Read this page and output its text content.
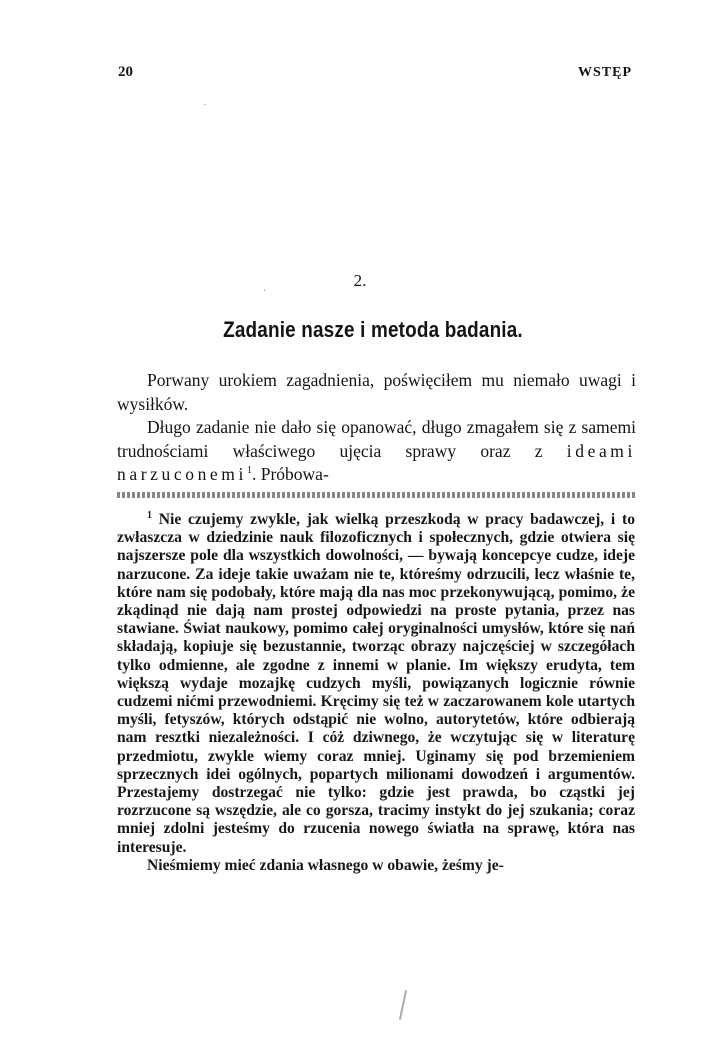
20	WSTĘP
2.
Zadanie nasze i metoda badania.

Porwany urokiem zagadnienia, poświęciłem mu niemało uwagi i wysiłków.

Długo zadanie nie dało się opanować, długo zmagałem się z samemi trudnościami właściwego ujęcia sprawy oraz z ideami narzuconemi$^1$. Próbowa-

$^1$ Nie czujemy zwykle, jak wielką przeszkodą w pracy badawczej, i to zwłaszcza w dziedzinie nauk filozoficznych i społecznych, gdzie otwiera się najszersze pole dla wszystkich dowolności, — bywają koncepcye cudze, ideje narzucone. Za ideje takie uważam nie te, któreśmy odrzucili, lecz właśnie te, które nam się podobały, które mają dla nas moc przekonywującą, pomimo, że zkądinąd nie dają nam prostej odpowiedzi na proste pytania, przez nas stawiane. Świat naukowy, pomimo całej oryginalności umysłów, które się nań składają, kopiuje się bezustannie, tworząc obrazy najczęściej w szczegółach tylko odmienne, ale zgodne z innemi w planie. Im większy erudyta, tem większą wydaje mozajkę cudzych myśli, powiązanych logicznie równie cudzemi nićmi przewodniemi. Kręcimy się też w zaczarowanem kole utartych myśli, fetyszów, których odstąpić nie wolno, autorytetów, które odbierają nam resztki niezależności. I cóż dziwnego, że wczytując się w literaturę przedmiotu, zwykle wiemy coraz mniej. Uginamy się pod brzemieniem sprzecznych idei ogólnych, popartych milionami dowodzeń i argumentów. Przestajemy dostrzegać nie tylko: gdzie jest prawda, bo cząstki jej rozrzucone są wszędzie, ale co gorsza, tracimy instykt do jej szukania; coraz mniej zdolni jesteśmy do rzucenia nowego światła na sprawę, która nas interesuje.

Nieśmiemy mieć zdania własnego w obawie, żeśmy je-

·
·
